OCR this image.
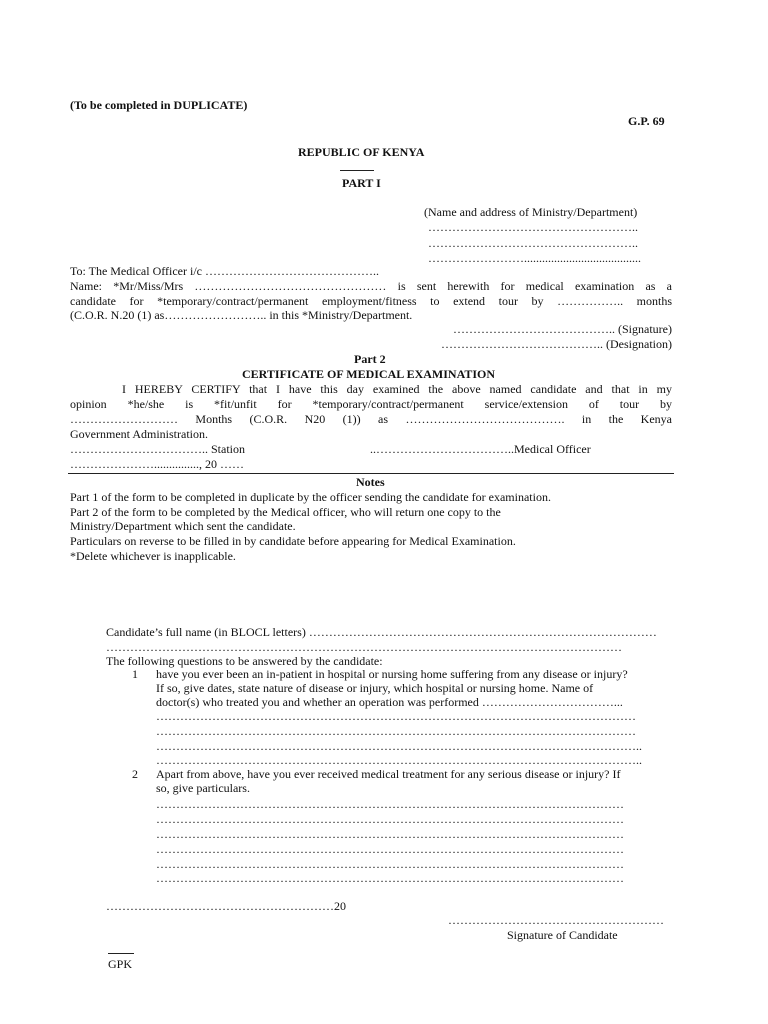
(To be completed in DUPLICATE)
G.P. 69
REPUBLIC OF KENYA
PART I
(Name and address of Ministry/Department)
……………………………………………..
……………………………………………..
…………………….......................................
To: The Medical Officer i/c ……………………………………..
Name: *Mr/Miss/Mrs ………………………………………… is sent herewith for medical examination as a
candidate for *temporary/contract/permanent employment/fitness to extend tour by …………….. months
(C.O.R. N.20 (1) as…………………….. in this *Ministry/Department.
………………………………….. (Signature)
………………………………….. (Designation)
Part 2
CERTIFICATE OF MEDICAL EXAMINATION
I HEREBY CERTIFY that I have this day examined the above named candidate and that in my
opinion *he/she is *fit/unfit for *temporary/contract/permanent service/extension of tour by
……………………… Months (C.O.R. N20 (1)) as …………………………………. in the Kenya
Government Administration.
…………………………….. Station	..……………………………..Medical Officer
…………………..............., 20 ……
Notes
Part 1 of the form to be completed in duplicate by the officer sending the candidate for examination.
Part 2 of the form to be completed by the Medical officer, who will return one copy to the
Ministry/Department which sent the candidate.
Particulars on reverse to be filled in by candidate before appearing for Medical Examination.
*Delete whichever is inapplicable.
Candidate’s full name (in BLOCL letters) ……………………………………………………………………………
…………………………………………………………………………………………………………………
The following questions to be answered by the candidate:
1 have you ever been an in-patient in hospital or nursing home suffering from any disease or injury?
If so, give dates, state nature of disease or injury, which hospital or nursing home. Name of
doctor(s) who treated you and whether an operation was performed ……………………………...
…………………………………………………………………………………………………………
…………………………………………………………………………………………………………
…………………………………………………………………………………………………………..
…………………………………………………………………………………………………………..
2 Apart from above, have you ever received medical treatment for any serious disease or injury? If
so, give particulars.
………………………………………………………………………………………………………
………………………………………………………………………………………………………
………………………………………………………………………………………………………
………………………………………………………………………………………………………
………………………………………………………………………………………………………
………………………………………………………………………………………………………
…………………………………………………20
………………………………………………
Signature of Candidate
GPK
